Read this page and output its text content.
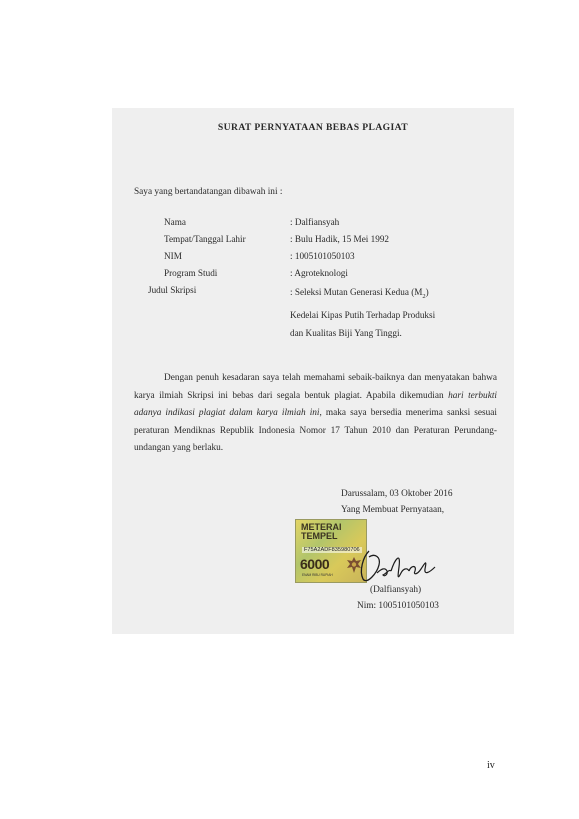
SURAT PERNYATAAN BEBAS PLAGIAT
Saya yang bertandatangan dibawah ini :
Nama	: Dalfiansyah
Tempat/Tanggal Lahir	: Bulu Hadik, 15 Mei 1992
NIM	: 1005101050103
Program Studi	: Agroteknologi
Judul Skripsi	: Seleksi Mutan Generasi Kedua $(M_2)$
Kedelai Kipas Putih Terhadap Produksi
dan Kualitas Biji Yang Tinggi.
Dengan penuh kesadaran saya telah memahami sebaik-baiknya dan menyatakan bahwa karya ilmiah Skripsi ini bebas dari segala bentuk plagiat. Apabila dikemudian hari terbukti adanya indikasi plagiat dalam karya ilmiah ini, maka saya bersedia menerima sanksi sesuai peraturan Mendiknas Republik Indonesia Nomor 17 Tahun 2010 dan Peraturan Perundang-undangan yang berlaku.
Darussalam, 03 Oktober 2016
Yang Membuat Pernyataan,
METERAI
TEMPEL
F75A2ADF835980706
6000
ENAM RIBU RUPIAH
(Dalfiansyah)
Nim: 1005101050103
iv
